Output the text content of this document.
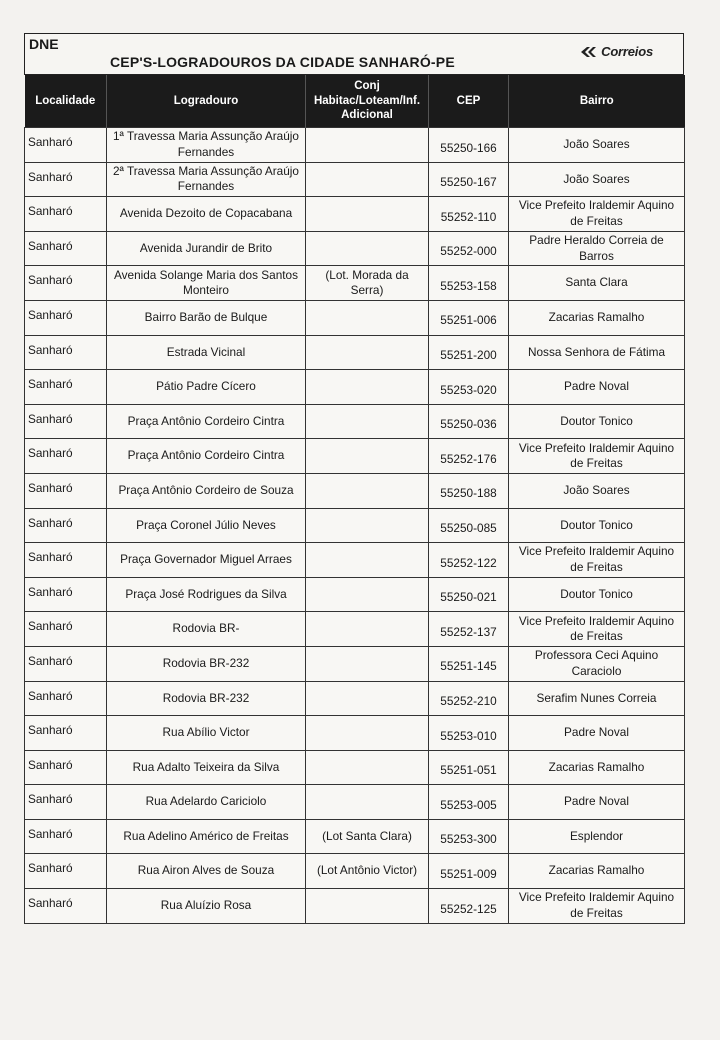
DNE
CEP'S-LOGRADOUROS DA CIDADE SANHARÓ-PE
Correios
Localidade	Logradouro	Conj Habitac/Loteam/Inf. Adicional	CEP	Bairro
Sanharó	1ª Travessa Maria Assunção Araújo Fernandes		55250-166	João Soares
Sanharó	2ª Travessa Maria Assunção Araújo Fernandes		55250-167	João Soares
Sanharó	Avenida Dezoito de Copacabana		55252-110	Vice Prefeito Iraldemir Aquino de Freitas
Sanharó	Avenida Jurandir de Brito		55252-000	Padre Heraldo Correia de Barros
Sanharó	Avenida Solange Maria dos Santos Monteiro	(Lot. Morada da Serra)	55253-158	Santa Clara
Sanharó	Bairro Barão de Bulque		55251-006	Zacarias Ramalho
Sanharó	Estrada Vicinal		55251-200	Nossa Senhora de Fátima
Sanharó	Pátio Padre Cícero		55253-020	Padre Noval
Sanharó	Praça Antônio Cordeiro Cintra		55250-036	Doutor Tonico
Sanharó	Praça Antônio Cordeiro Cintra		55252-176	Vice Prefeito Iraldemir Aquino de Freitas
Sanharó	Praça Antônio Cordeiro de Souza		55250-188	João Soares
Sanharó	Praça Coronel Júlio Neves		55250-085	Doutor Tonico
Sanharó	Praça Governador Miguel Arraes		55252-122	Vice Prefeito Iraldemir Aquino de Freitas
Sanharó	Praça José Rodrigues da Silva		55250-021	Doutor Tonico
Sanharó	Rodovia BR-		55252-137	Vice Prefeito Iraldemir Aquino de Freitas
Sanharó	Rodovia BR-232		55251-145	Professora Ceci Aquino Caraciolo
Sanharó	Rodovia BR-232		55252-210	Serafim Nunes Correia
Sanharó	Rua Abílio Victor		55253-010	Padre Noval
Sanharó	Rua Adalto Teixeira da Silva		55251-051	Zacarias Ramalho
Sanharó	Rua Adelardo Cariciolo		55253-005	Padre Noval
Sanharó	Rua Adelino Américo de Freitas	(Lot Santa Clara)	55253-300	Esplendor
Sanharó	Rua Airon Alves de Souza	(Lot Antônio Victor)	55251-009	Zacarias Ramalho
Sanharó	Rua Aluízio Rosa		55252-125	Vice Prefeito Iraldemir Aquino de Freitas
